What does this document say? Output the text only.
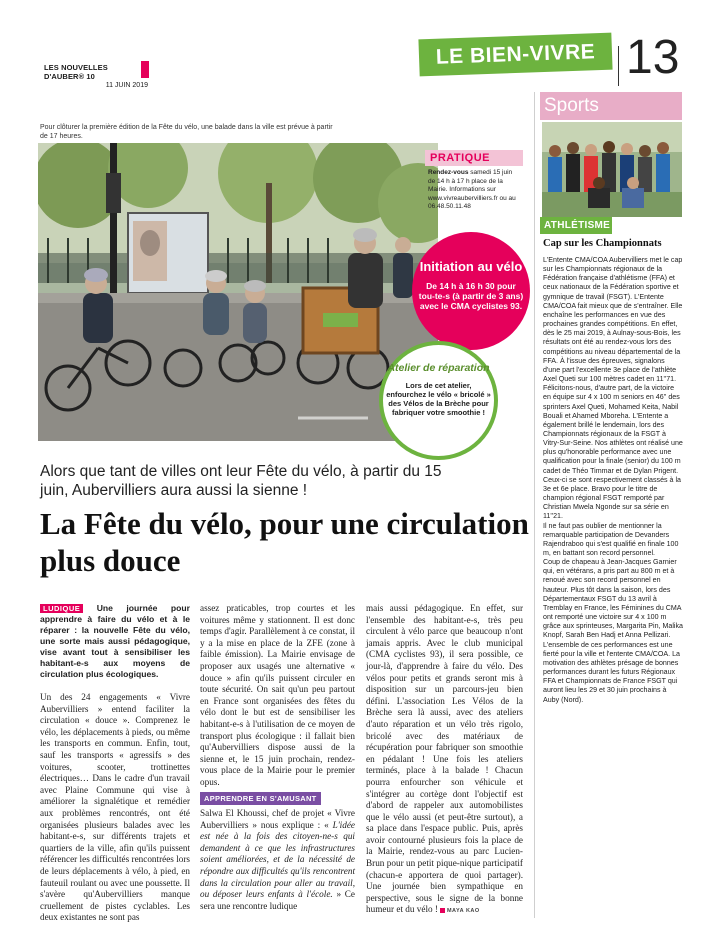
LES NOUVELLES D'AUBER® 10
11 JUIN 2019
LE BIEN-VIVRE 13
Pour clôturer la première édition de la Fête du vélo, une balade dans la ville est prévue à partir de 17 heures.
PRATIQUE
Rendez-vous samedi 15 juin de 14 h à 17 h place de la Mairie. Informations sur www.vivreaubervilliers.fr ou au 06.48.50.11.48
Initiation au vélo
De 14 h à 16 h 30 pour tou-te-s (à partir de 3 ans) avec le CMA cyclistes 93.
Atelier de réparation
Lors de cet atelier, enfourchez le vélo « bricolé » des Vélos de la Brèche pour fabriquer votre smoothie !
Alors que tant de villes ont leur Fête du vélo, à partir du 15 juin, Aubervilliers aura aussi la sienne !
La Fête du vélo, pour une circulation plus douce

LUDIQUE Une journée pour apprendre à faire du vélo et à le réparer : la nouvelle Fête du vélo, une sorte mais aussi pédagogique, vise avant tout à sensibiliser les habitant-e-s aux moyens de circulation plus écologiques.

Un des 24 engagements « Vivre Aubervilliers » entend faciliter la circulation « douce ». Comprenez le vélo, les déplacements à pieds, ou même les transports en commun. Enfin, tout, sauf les transports « agressifs » des voitures, scooter, trottinettes électriques… Dans le cadre d'un travail avec Plaine Commune qui vise à améliorer la signalétique et remédier aux problèmes rencontrés, ont été organisées plusieurs balades avec les habitant-e-s, sur différents trajets et quartiers de la ville, afin qu'ils puissent référencer les difficultés rencontrées lors de leurs déplacements à vélo, à pied, en fauteuil roulant ou avec une poussette. Il s'avère qu'Aubervilliers manque cruellement de pistes cyclables. Les deux existantes ne sont pas

assez praticables, trop courtes et les voitures même y stationnent. Il est donc temps d'agir. Parallèlement à ce constat, il y a la mise en place de la ZFE (zone à faible émission). La Mairie envisage de proposer aux usagés une alternative « douce » afin qu'ils puissent circuler en toute sécurité. On sait qu'un peu partout en France sont organisées des fêtes du vélo dont le but est de sensibiliser les habitant-e-s à l'utilisation de ce moyen de transport plus écologique : il fallait bien qu'Aubervilliers dispose aussi de la sienne et, le 15 juin prochain, rendez-vous place de la Mairie pour le premier opus.

APPRENDRE EN S'AMUSANT

Salwa El Khoussi, chef de projet « Vivre Aubervilliers » nous explique : « L'idée est née à la fois des citoyen-ne-s qui demandent à ce que les infrastructures soient améliorées, et de la nécessité de répondre aux difficultés qu'ils rencontrent dans la circulation pour aller au travail, ou déposer leurs enfants à l'école. » Ce sera une rencontre ludique

mais aussi pédagogique. En effet, sur l'ensemble des habitant-e-s, très peu circulent à vélo parce que beaucoup n'ont jamais appris. Avec le club municipal (CMA cyclistes 93), il sera possible, ce jour-là, d'apprendre à faire du vélo. Des vélos pour petits et grands seront mis à disposition sur un parcours-jeu bien défini. L'association Les Vélos de la Brèche sera là aussi, avec des ateliers d'auto réparation et un vélo très rigolo, bricolé avec des matériaux de récupération pour fabriquer son smoothie en pédalant ! Une fois les ateliers terminés, place à la balade ! Chacun pourra enfourcher son véhicule et s'intégrer au cortège dont l'objectif est d'abord de rappeler aux automobilistes que le vélo aussi (et peut-être surtout), a sa place dans l'espace public. Puis, après avoir contourné plusieurs fois la place de la Mairie, rendez-vous au parc Lucien-Brun pour un petit pique-nique participatif (chacun-e apportera de quoi partager). Une journée bien sympathique en perspective, sous le signe de la bonne humeur et du vélo ! MAYA KAO

Sports
ATHLÉTISME
Cap sur les Championnats

L'Entente CMA/COA Aubervilliers met le cap sur les Championnats régionaux de la Fédération française d'athlétisme (FFA) et ceux nationaux de la Fédération sportive et gymnique de travail (FSGT). L'Entente CMA/COA fait mieux que de s'entraîner. Elle enchaîne les performances en vue des prochaines grandes compétitions. En effet, dès le 25 mai 2019, à Aulnay-sous-Bois, les résultats ont été au rendez-vous lors des compétitions au niveau départemental de la FFA. À l'issue des épreuves, signalons d'une part l'excellente 3e place de l'athlète Axel Queti sur 100 mètres cadet en 11''71. Félicitons-nous, d'autre part, de la victoire en équipe sur 4 x 100 m seniors en 46'' des sprinters Axel Queti, Mohamed Keita, Nabil Bouali et Ahamed Mboreha. L'Entente a également brillé le lendemain, lors des Championnats régionaux de la FSGT à Vitry-Sur-Seine. Nos athlètes ont réalisé une plus qu'honorable performance avec une qualification pour la finale (senior) du 100 m cadet de Théo Timmar et de Dylan Prigent. Ceux-ci se sont respectivement classés à la 3e et 6e place. Bravo pour le titre de champion régional FSGT remporté par Christian Mwela Ngonde sur sa série en 11''21.

Il ne faut pas oublier de mentionner la remarquable participation de Devanders Rajendraboo qui s'est qualifié en finale 100 m, en battant son record personnel.

Coup de chapeau à Jean-Jacques Garnier qui, en vétérans, a pris part au 800 m et à renoué avec son record personnel en hauteur. Plus tôt dans la saison, lors des Départementaux FSGT du 13 avril à Tremblay en France, les Féminines du CMA ont remporté une victoire sur 4 x 100 m grâce aux sprinteuses, Margarita Pin, Malika Knopf, Sarah Ben Hadj et Anna Pellizari. L'ensemble de ces performances est une fierté pour la ville et l'entente CMA/COA. La motivation des athlètes présage de bonnes performances durant les futurs Régionaux FFA et Championnats de France FSGT qui auront lieu les 29 et 30 juin prochains à Auby (Nord).
